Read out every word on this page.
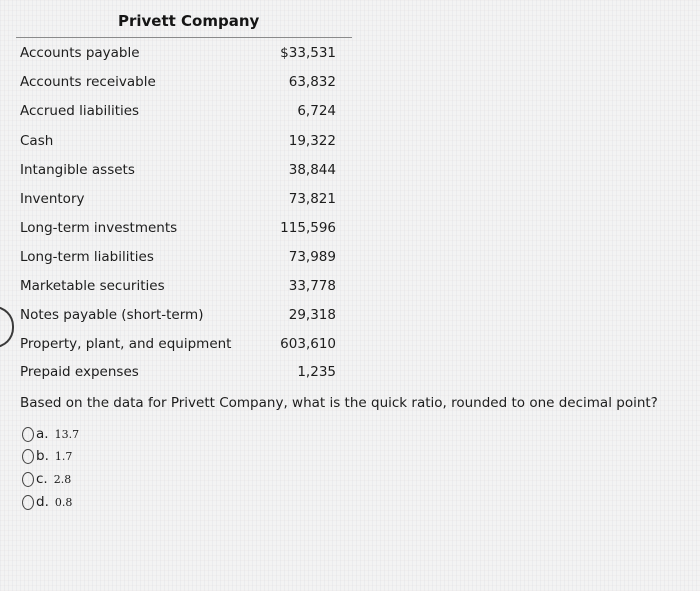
Privett Company
Accounts payable	$33,531
Accounts receivable	63,832
Accrued liabilities	6,724
Cash	19,322
Intangible assets	38,844
Inventory	73,821
Long-term investments	115,596
Long-term liabilities	73,989
Marketable securities	33,778
Notes payable (short-term)	29,318
Property, plant, and equipment	603,610
Prepaid expenses	1,235
Based on the data for Privett Company, what is the quick ratio, rounded to one decimal point?
a. 13.7
b. 1.7
c. 2.8
d. 0.8
